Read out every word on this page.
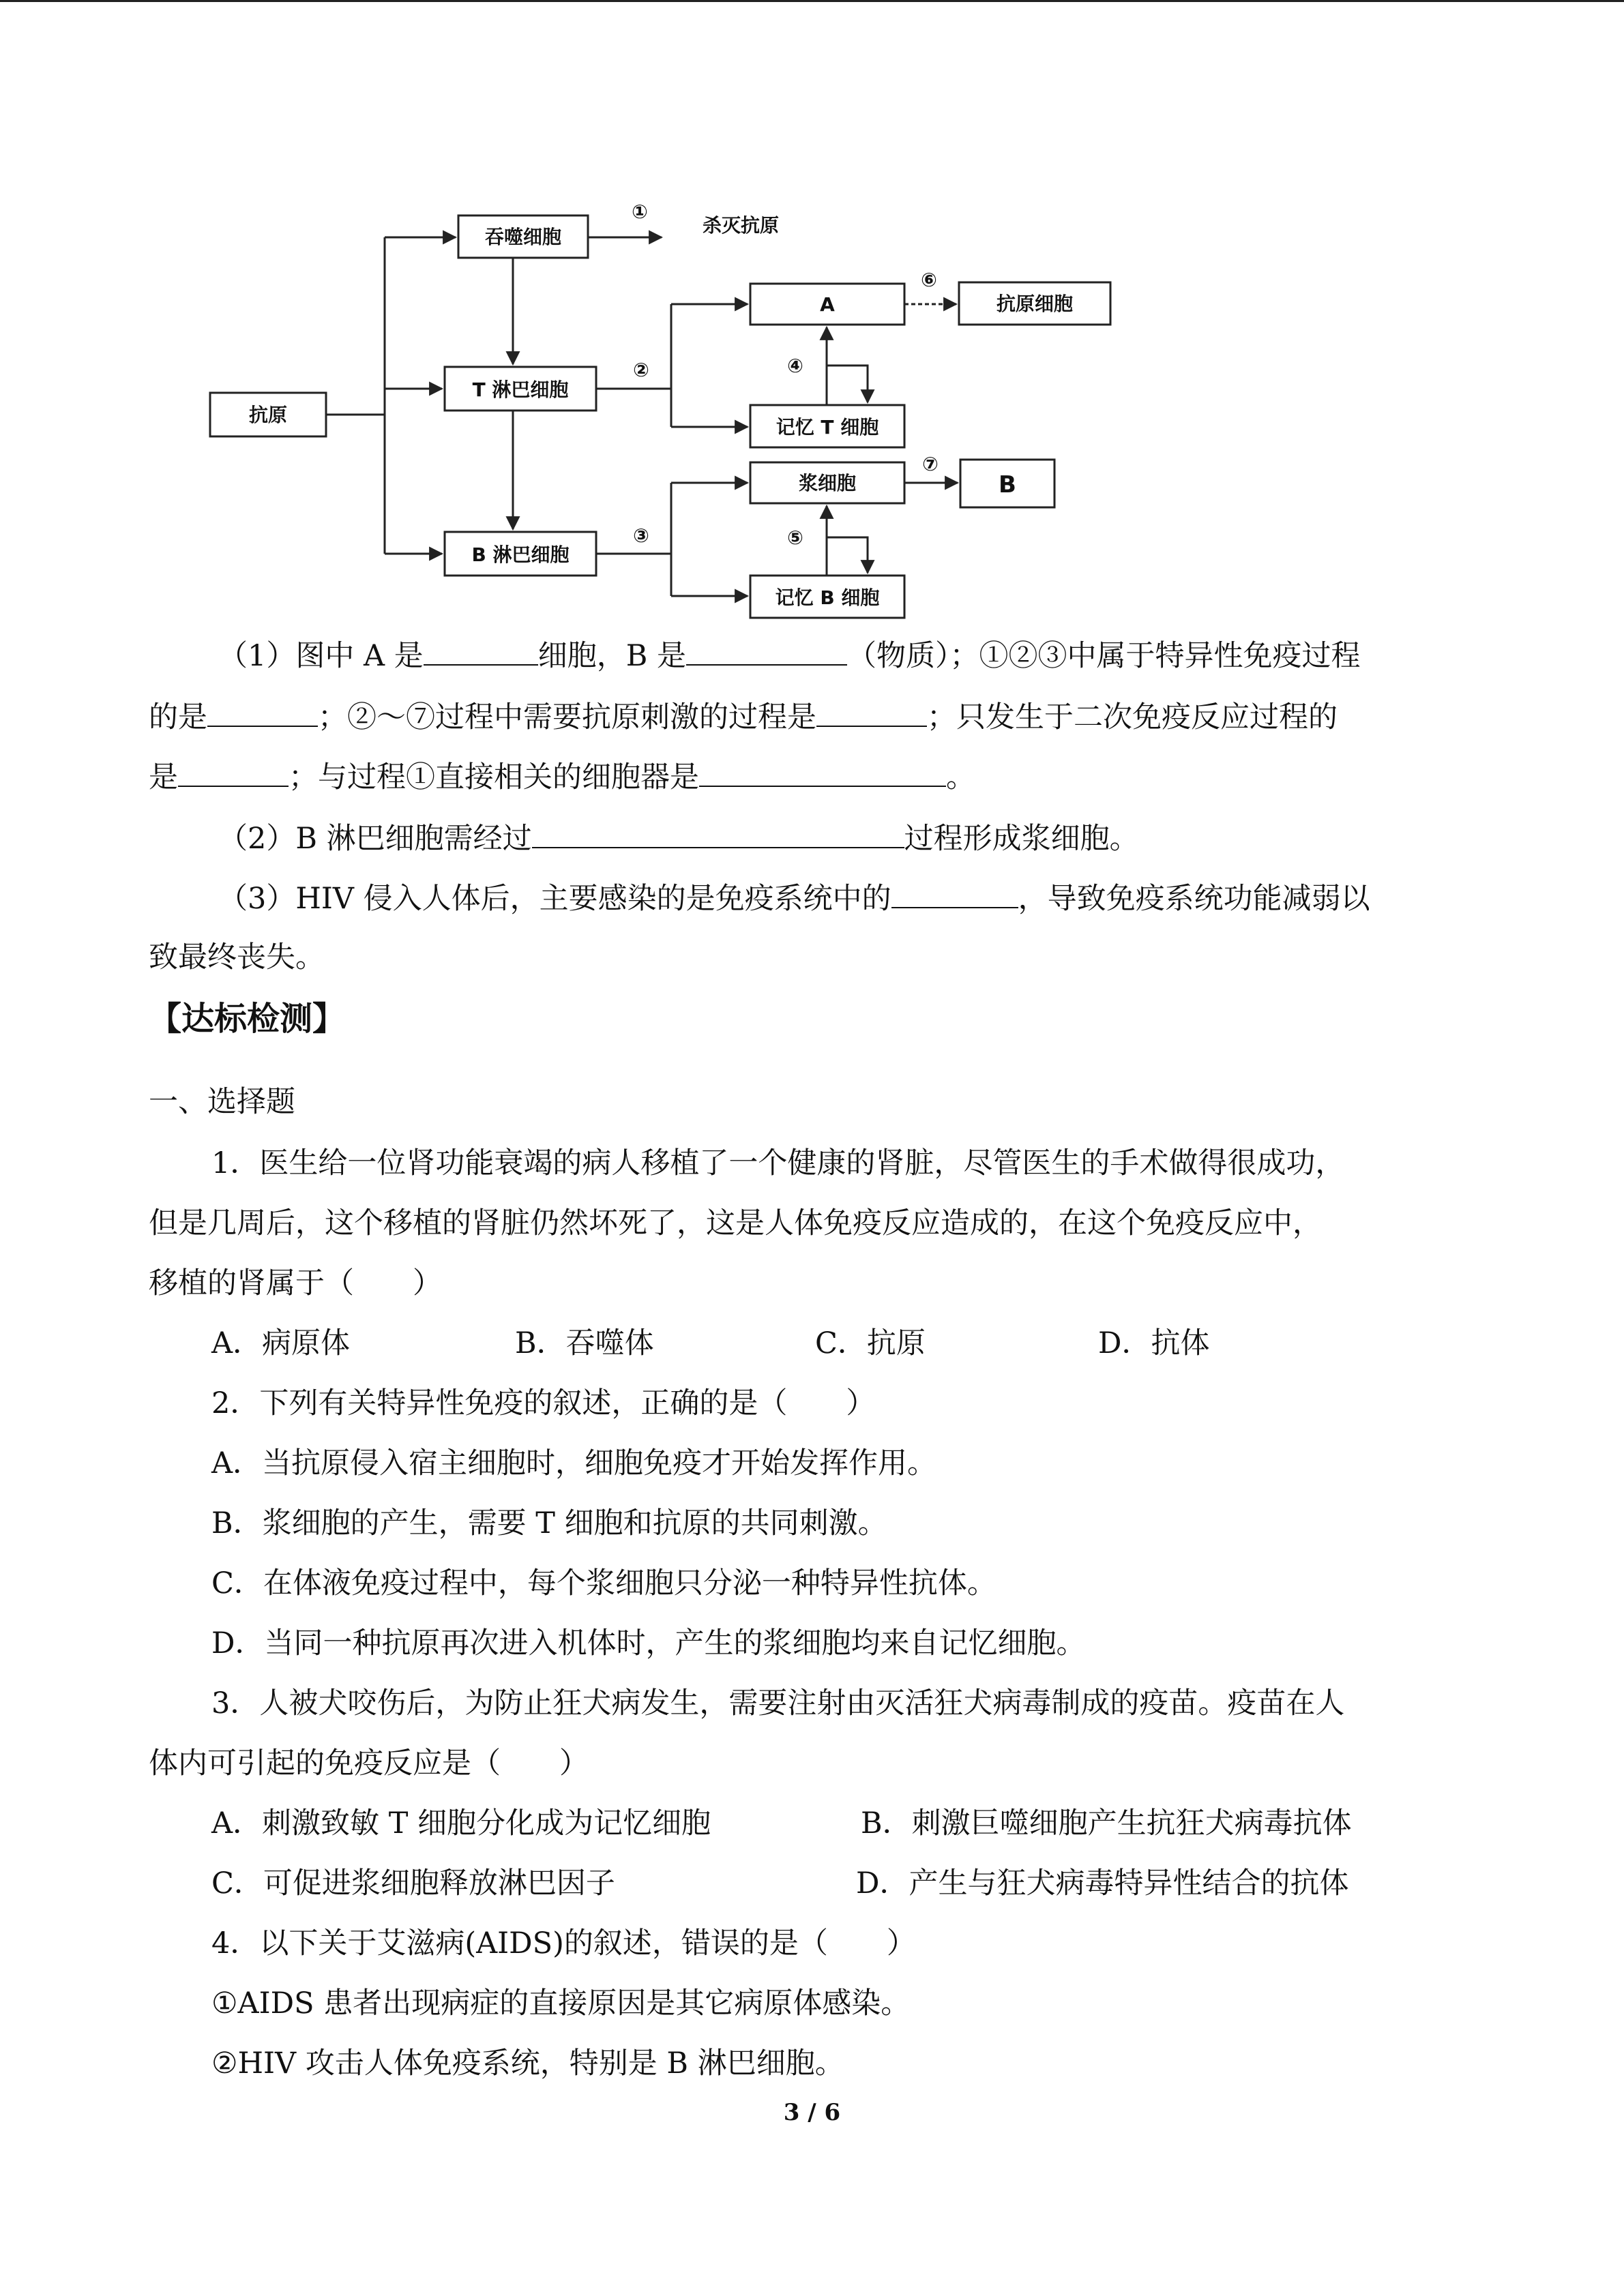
抗原
吞噬细胞
①
杀灭抗原
T 淋巴细胞
②
A
⑥
抗原细胞
记忆 T 细胞
④
B 淋巴细胞
③
浆细胞
⑦
B
记忆 B 细胞
⑤
（1）图中 A 是	细胞，B 是	（物质）；①②③中属于特异性免疫过程
的是	；②～⑦过程中需要抗原刺激的过程是	；只发生于二次免疫反应过程的
是	；与过程①直接相关的细胞器是	。
（2）B 淋巴细胞需经过	过程形成浆细胞。
（3）HIV 侵入人体后，主要感染的是免疫系统中的	，导致免疫系统功能减弱以
致最终丧失。
【达标检测】
一、选择题
1．医生给一位肾功能衰竭的病人移植了一个健康的肾脏，尽管医生的手术做得很成功，
但是几周后，这个移植的肾脏仍然坏死了，这是人体免疫反应造成的，在这个免疫反应中，
移植的肾属于（　　）
A．病原体	B．吞噬体	C．抗原	D．抗体
2．下列有关特异性免疫的叙述，正确的是（　　）
A．当抗原侵入宿主细胞时，细胞免疫才开始发挥作用。
B．浆细胞的产生，需要 T 细胞和抗原的共同刺激。
C．在体液免疫过程中，每个浆细胞只分泌一种特异性抗体。
D．当同一种抗原再次进入机体时，产生的浆细胞均来自记忆细胞。
3．人被犬咬伤后，为防止狂犬病发生，需要注射由灭活狂犬病毒制成的疫苗。疫苗在人
体内可引起的免疫反应是（　　）
A．刺激致敏 T 细胞分化成为记忆细胞	B．刺激巨噬细胞产生抗狂犬病毒抗体
C．可促进浆细胞释放淋巴因子	D．产生与狂犬病毒特异性结合的抗体
4．以下关于艾滋病(AIDS)的叙述，错误的是（　　）
①AIDS 患者出现病症的直接原因是其它病原体感染。
②HIV 攻击人体免疫系统，特别是 B 淋巴细胞。
3 / 6
